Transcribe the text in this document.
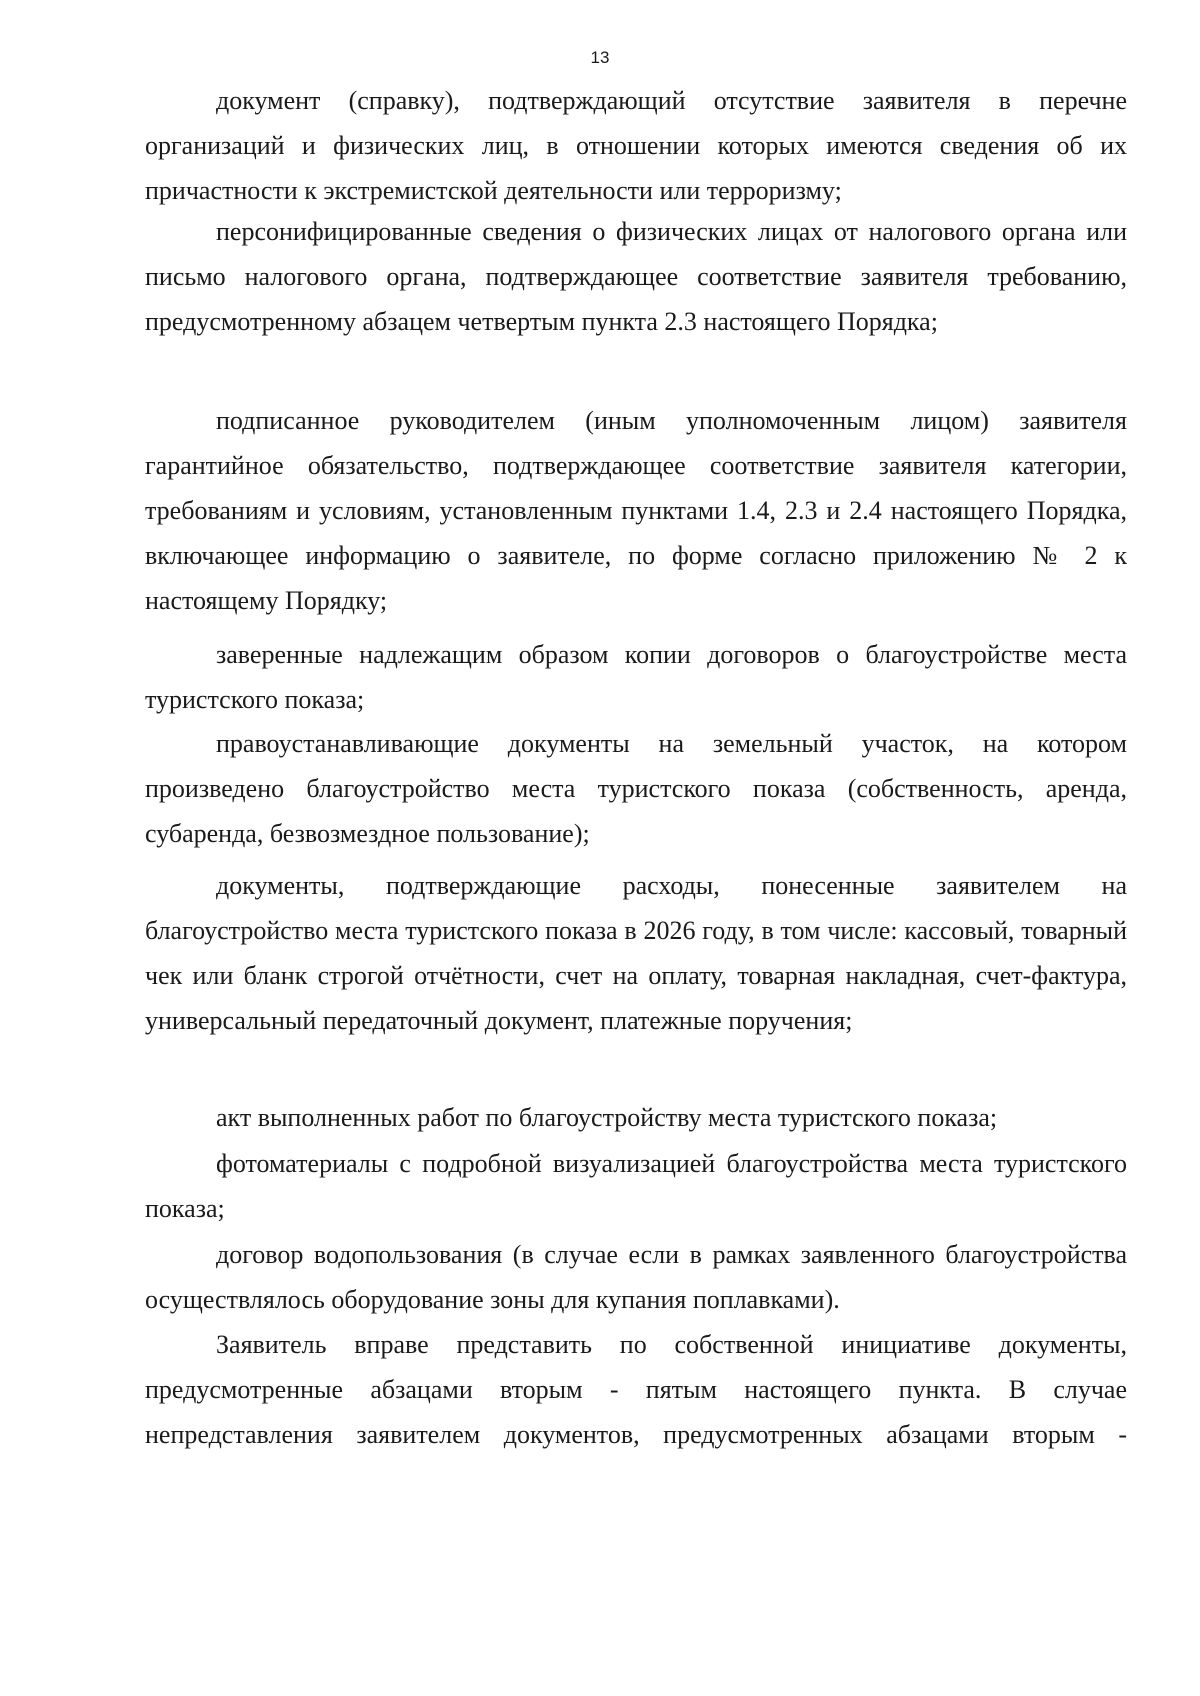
13

документ (справку), подтверждающий отсутствие заявителя в перечне организаций и физических лиц, в отношении которых имеются сведения об их причастности к экстремистской деятельности или терроризму;

персонифицированные сведения о физических лицах от налогового органа или письмо налогового органа, подтверждающее соответствие заявителя требованию, предусмотренному абзацем четвертым пункта 2.3 настоящего Порядка;

подписанное руководителем (иным уполномоченным лицом) заявителя гарантийное обязательство, подтверждающее соответствие заявителя категории, требованиям и условиям, установленным пунктами 1.4, 2.3 и 2.4 настоящего Порядка, включающее информацию о заявителе, по форме согласно приложению № 2 к настоящему Порядку;

заверенные надлежащим образом копии договоров о благоустройстве места туристского показа;

правоустанавливающие документы на земельный участок, на котором произведено благоустройство места туристского показа (собственность, аренда, субаренда, безвозмездное пользование);

документы, подтверждающие расходы, понесенные заявителем на благоустройство места туристского показа в 2026 году, в том числе: кассовый, товарный чек или бланк строгой отчётности, счет на оплату, товарная накладная, счет-фактура, универсальный передаточный документ, платежные поручения;

акт выполненных работ по благоустройству места туристского показа;

фотоматериалы с подробной визуализацией благоустройства места туристского показа;

договор водопользования (в случае если в рамках заявленного благоустройства осуществлялось оборудование зоны для купания поплавками).

Заявитель вправе представить по собственной инициативе документы, предусмотренные абзацами вторым - пятым настоящего пункта. В случае непредставления заявителем документов, предусмотренных абзацами вторым -
